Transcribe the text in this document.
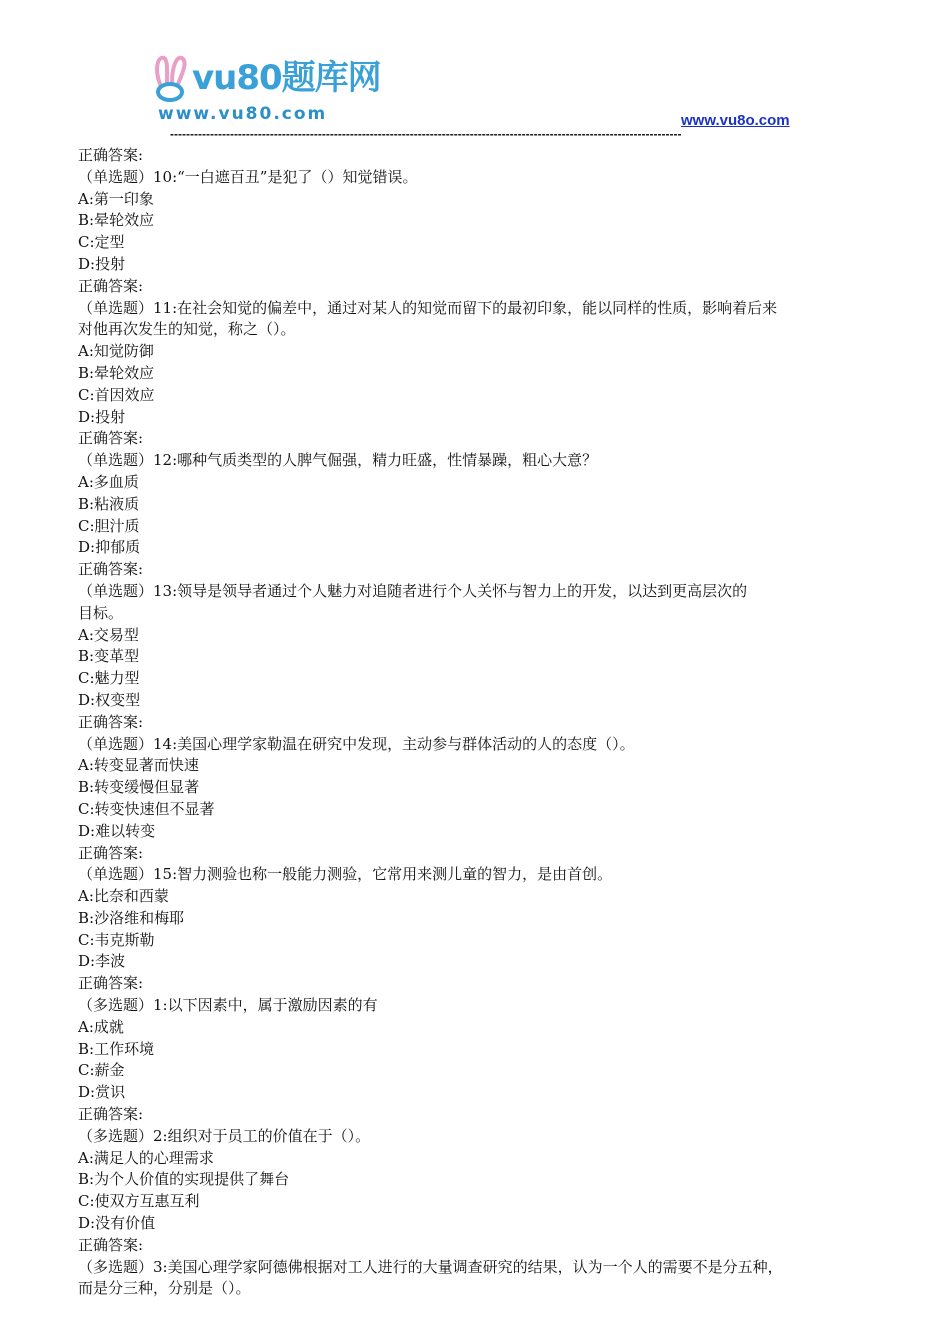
vu80题库网
www.vu80.com	www.vu8o.com
--------------------------------------------------------------------------------------------------------------------------------
正确答案:
（单选题）10:“一白遮百丑”是犯了（）知觉错误。
A:第一印象
B:晕轮效应
C:定型
D:投射
正确答案:
（单选题）11:在社会知觉的偏差中，通过对某人的知觉而留下的最初印象，能以同样的性质，影响着后来
对他再次发生的知觉，称之（）。
A:知觉防御
B:晕轮效应
C:首因效应
D:投射
正确答案:
（单选题）12:哪种气质类型的人脾气倔强，精力旺盛，性情暴躁，粗心大意？
A:多血质
B:粘液质
C:胆汁质
D:抑郁质
正确答案:
（单选题）13:领导是领导者通过个人魅力对追随者进行个人关怀与智力上的开发，以达到更高层次的
目标。
A:交易型
B:变革型
C:魅力型
D:权变型
正确答案:
（单选题）14:美国心理学家勒温在研究中发现，主动参与群体活动的人的态度（）。
A:转变显著而快速
B:转变缓慢但显著
C:转变快速但不显著
D:难以转变
正确答案:
（单选题）15:智力测验也称一般能力测验，它常用来测儿童的智力，是由首创。
A:比奈和西蒙
B:沙洛维和梅耶
C:韦克斯勒
D:李波
正确答案:
（多选题）1:以下因素中，属于激励因素的有
A:成就
B:工作环境
C:薪金
D:赏识
正确答案:
（多选题）2:组织对于员工的价值在于（）。
A:满足人的心理需求
B:为个人价值的实现提供了舞台
C:使双方互惠互利
D:没有价值
正确答案:
（多选题）3:美国心理学家阿德佛根据对工人进行的大量调查研究的结果，认为一个人的需要不是分五种，
而是分三种，分别是（）。
